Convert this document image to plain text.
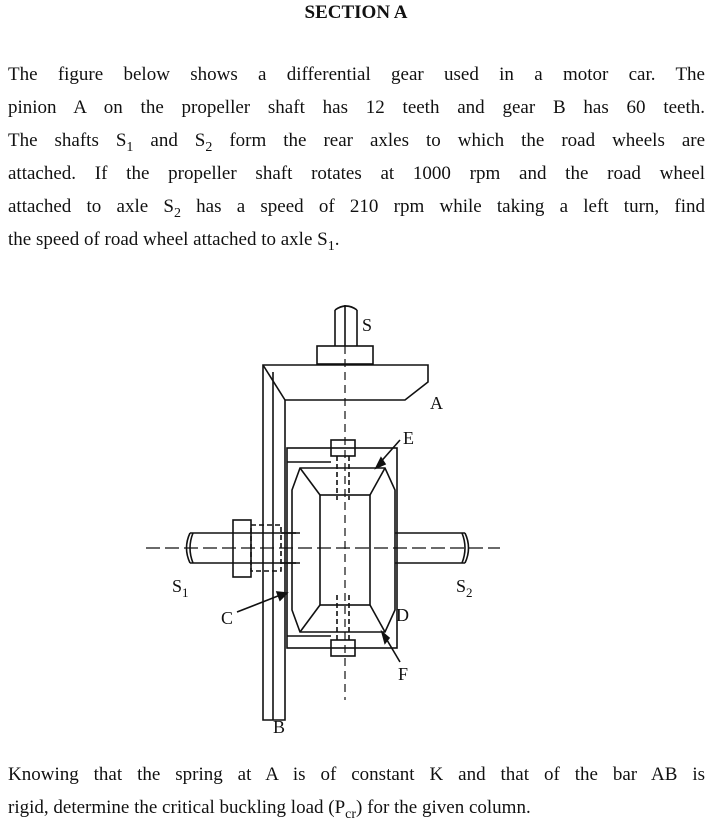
SECTION A
The figure below shows a differential gear used in a motor car. The
pinion A on the propeller shaft has 12 teeth and gear B has 60 teeth.
The shafts $S_1$ and $S_2$ form the rear axles to which the road wheels are
attached. If the propeller shaft rotates at 1000 rpm and the road wheel
attached to axle $S_2$ has a speed of 210 rpm while taking a left turn, find
the speed of road wheel attached to axle $S_1$.
S
A
E
$S_1$	$S_2$
C	D
F
B
Knowing that the spring at A is of constant K and that of the bar AB is
rigid, determine the critical buckling load $(P_{cr})$ for the given column.
